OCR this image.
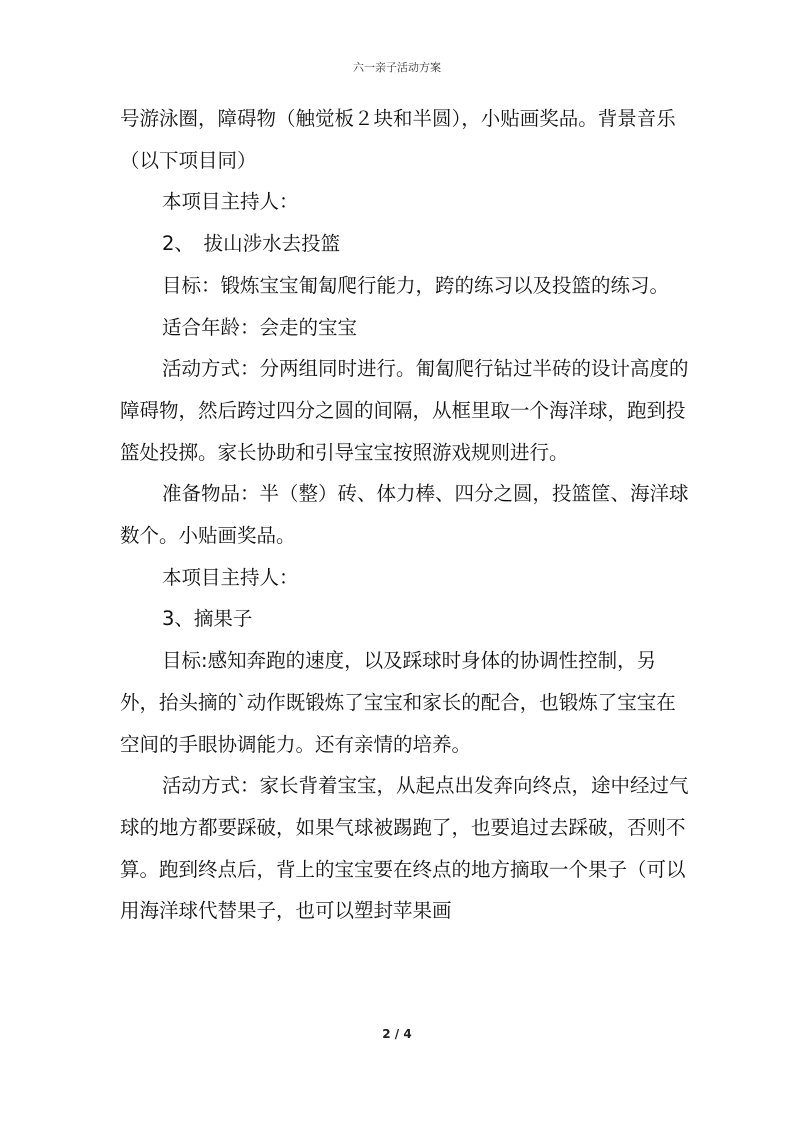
六一亲子活动方案

号游泳圈，障碍物（触觉板２块和半圆），小贴画奖品。背景音乐（以下项目同）

本项目主持人：

2、　拔山涉水去投篮

目标：锻炼宝宝匍匐爬行能力，跨的练习以及投篮的练习。

适合年龄：会走的宝宝

活动方式：分两组同时进行。匍匐爬行钻过半砖的设计高度的障碍物，然后跨过四分之圆的间隔，从框里取一个海洋球，跑到投篮处投掷。家长协助和引导宝宝按照游戏规则进行。

准备物品：半（整）砖、体力棒、四分之圆，投篮筐、海洋球数个。小贴画奖品。

本项目主持人：

3、摘果子

目标:感知奔跑的速度，以及踩球时身体的协调性控制，另外，抬头摘的`动作既锻炼了宝宝和家长的配合，也锻炼了宝宝在空间的手眼协调能力。还有亲情的培养。

活动方式：家长背着宝宝，从起点出发奔向终点，途中经过气球的地方都要踩破，如果气球被踢跑了，也要追过去踩破，否则不算。跑到终点后，背上的宝宝要在终点的地方摘取一个果子（可以用海洋球代替果子，也可以塑封苹果画

2 / 4
